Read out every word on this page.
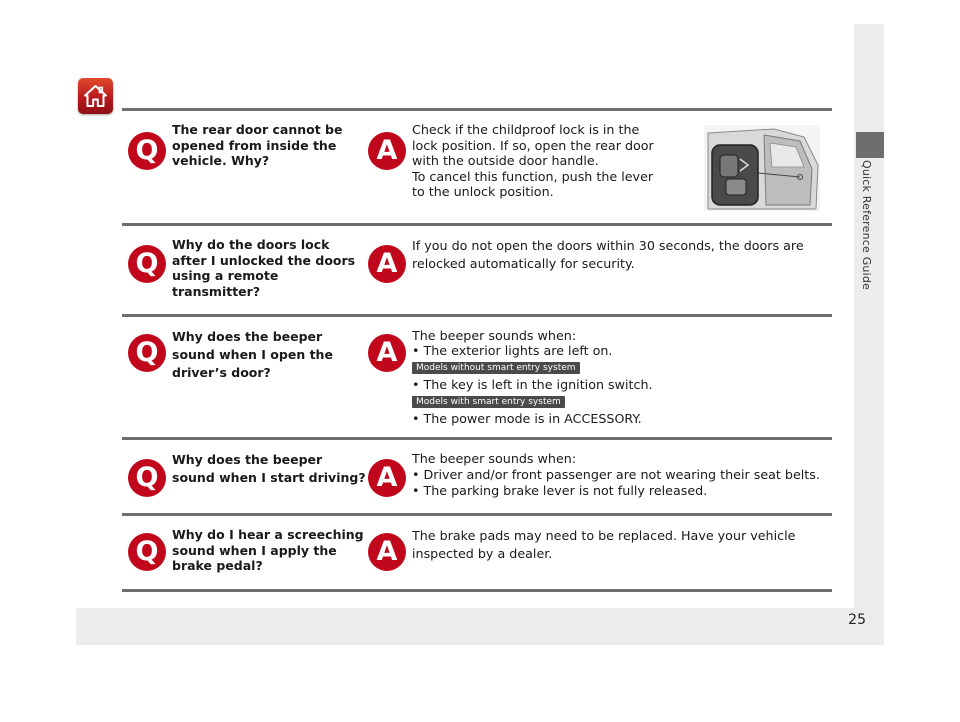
Quick Reference Guide
Q
The rear door cannot be
opened from inside the
vehicle. Why?	A
Check if the childproof lock is in the
lock position. If so, open the rear door
with the outside door handle.
To cancel this function, push the lever
to the unlock position.
Q
Why do the doors lock
after I unlocked the doors
using a remote
transmitter?
A
If you do not open the doors within 30 seconds, the doors are
relocked automatically for security.
Q
Why does the beeper
sound when I open the
driver’s door?
A
The beeper sounds when:
• The exterior lights are left on.
Models without smart entry system
• The key is left in the ignition switch.
Models with smart entry system
• The power mode is in ACCESSORY.
Q
Why does the beeper
sound when I start driving? A
The beeper sounds when:
• Driver and/or front passenger are not wearing their seat belts.
• The parking brake lever is not fully released.
Q
Why do I hear a screeching
sound when I apply the
brake pedal?	A
The brake pads may need to be replaced. Have your vehicle
inspected by a dealer.
25
